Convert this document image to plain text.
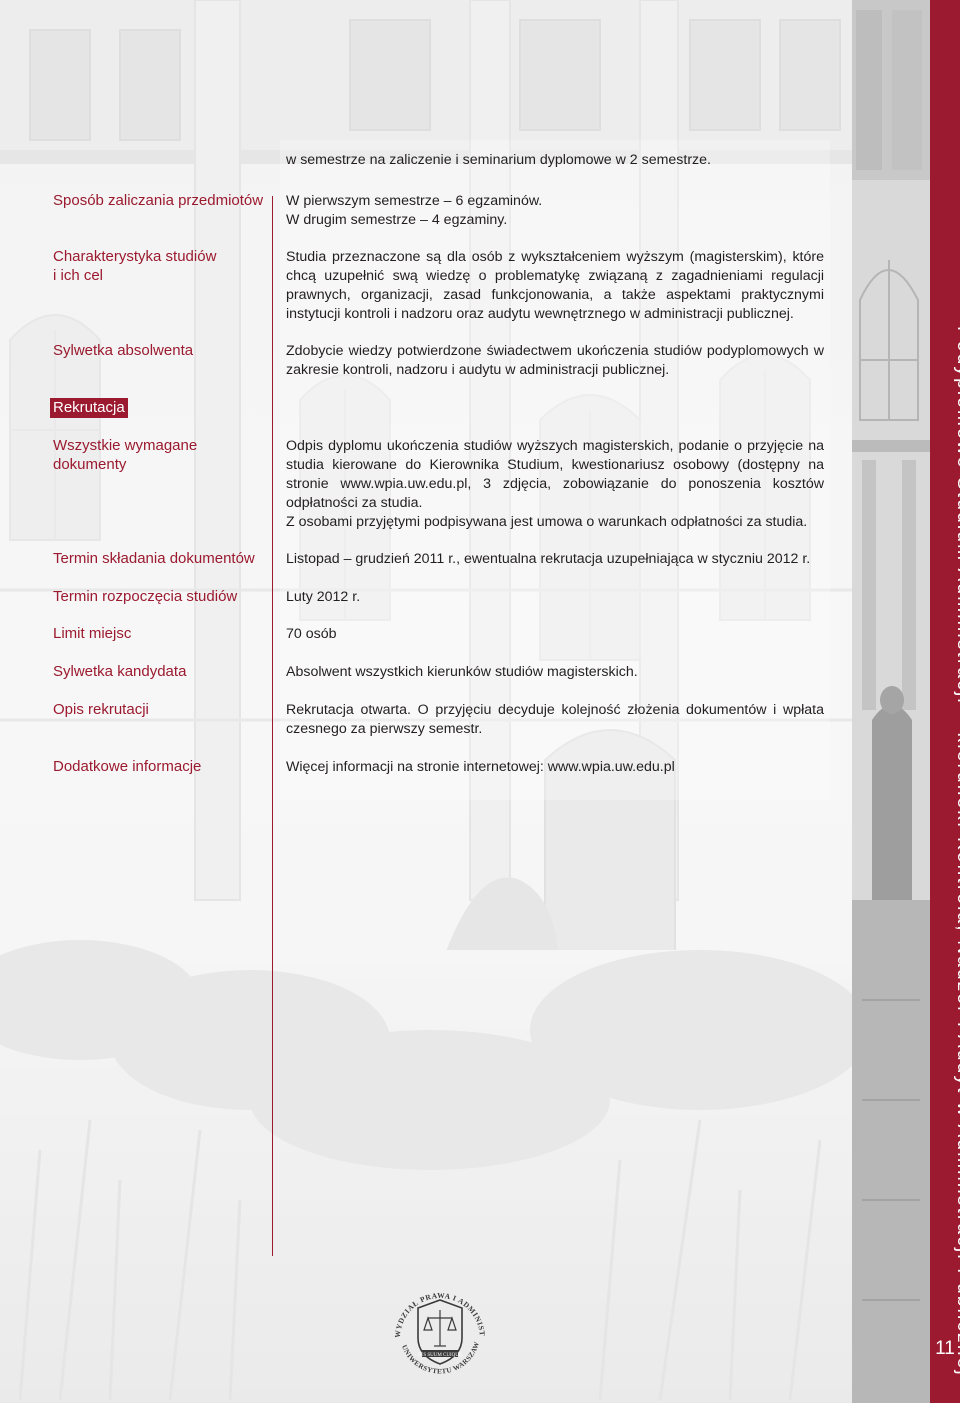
Podyplomowe Studium Administracji – kierunek: Kontrola, Nadzór i Audyt w Administracji Publicznej
11
Sposób zaliczania przedmiotów
Charakterystyka studiów
i ich cel
Sylwetka absolwenta
Rekrutacja
Wszystkie wymagane
dokumenty
Termin składania dokumentów
Termin rozpoczęcia studiów
Limit miejsc
Sylwetka kandydata
Opis rekrutacji
Dodatkowe informacje

w semestrze na zaliczenie i seminarium dyplomowe w 2 semestrze.

W pierwszym semestrze – 6 egzaminów.

W drugim semestrze – 4 egzaminy.

Studia przeznaczone są dla osób z wykształceniem wyższym (magisterskim), które chcą uzupełnić swą wiedzę o problematykę związaną z zagadnieniami regulacji prawnych, organizacji, zasad funkcjonowania, a także aspektami praktycznymi instytucji kontroli i nadzoru oraz audytu wewnętrznego w administracji publicznej.
Zdobycie wiedzy potwierdzone świadectwem ukończenia studiów podyplomowych w zakresie kontroli, nadzoru i audytu w administracji publicznej.

Odpis dyplomu ukończenia studiów wyższych magisterskich, podanie o przyjęcie na studia kierowane do Kierownika Studium, kwestionariusz osobowy (dostępny na stronie www.wpia.uw.edu.pl, 3 zdjęcia, zobowiązanie do ponoszenia kosztów odpłatności za studia.

Z osobami przyjętymi podpisywana jest umowa o warunkach odpłatności za studia.

Listopad – grudzień 2011 r., ewentualna rekrutacja uzupełniająca w styczniu 2012 r.
Luty 2012 r.
70 osób
Absolwent wszystkich kierunków studiów magisterskich.
Rekrutacja otwarta. O przyjęciu decyduje kolejność złożenia dokumentów i wpłata czesnego za pierwszy semestr.
Więcej informacji na stronie internetowej: www.wpia.uw.edu.pl
WYDZIAŁ PRAWA I ADMINIST
UNIWERSYTETU WARSZAW
IUS SUUM CUIQUE
